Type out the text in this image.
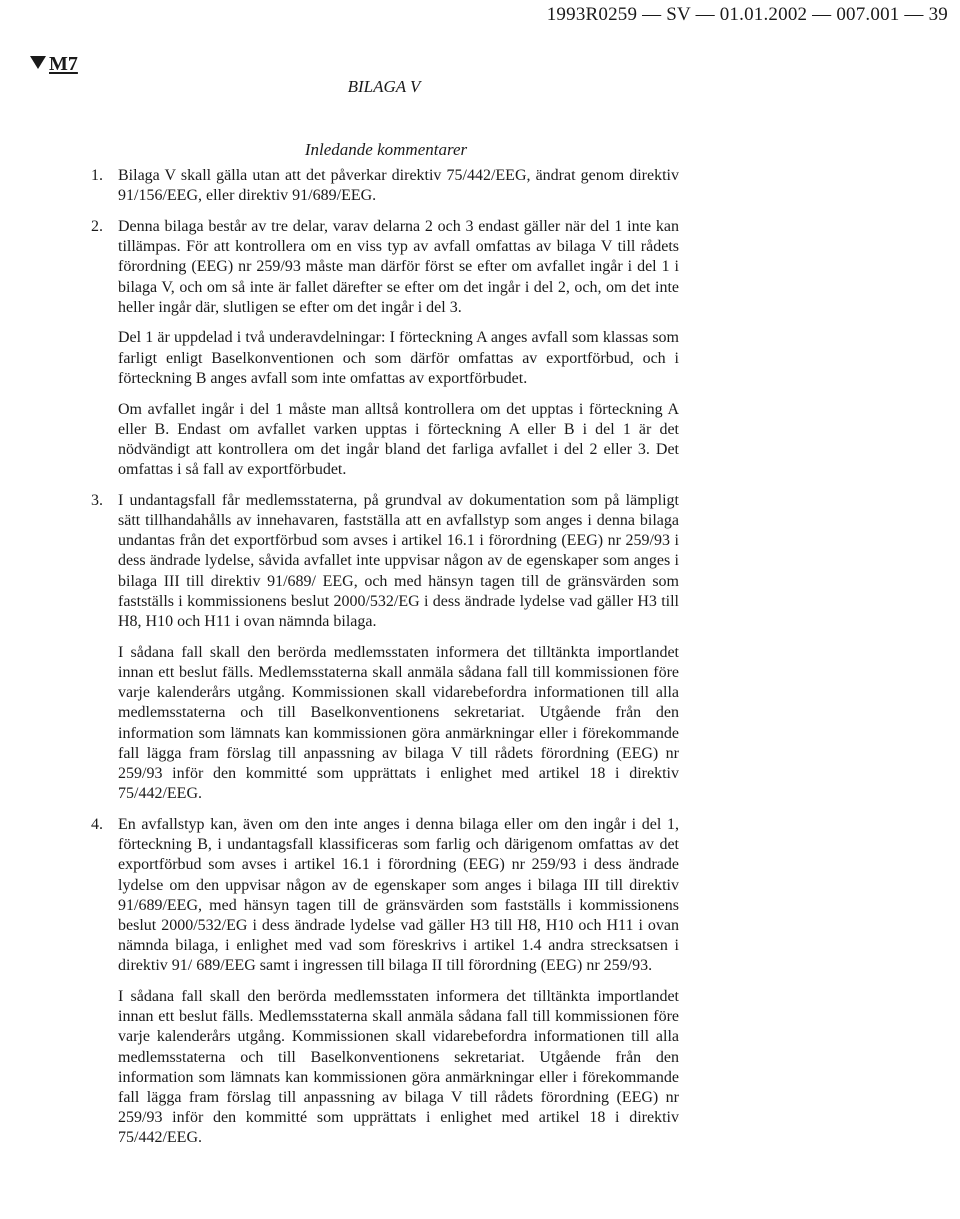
1993R0259 — SV — 01.01.2002 — 007.001 — 39
M7
BILAGA V
Inledande kommentarer
1. Bilaga V skall gälla utan att det påverkar direktiv 75/442/EEG, ändrat genom direktiv 91/156/EEG, eller direktiv 91/689/EEG.

2. Denna bilaga består av tre delar, varav delarna 2 och 3 endast gäller när del 1 inte kan tillämpas. För att kontrollera om en viss typ av avfall omfattas av bilaga V till rådets förordning (EEG) nr 259/93 måste man därför först se efter om avfallet ingår i del 1 i bilaga V, och om så inte är fallet därefter se efter om det ingår i del 2, och, om det inte heller ingår där, slutligen se efter om det ingår i del 3.

Del 1 är uppdelad i två underavdelningar: I förteckning A anges avfall som klassas som farligt enligt Baselkonventionen och som därför omfattas av exportförbud, och i förteckning B anges avfall som inte omfattas av exportförbudet.

Om avfallet ingår i del 1 måste man alltså kontrollera om det upptas i förteckning A eller B. Endast om avfallet varken upptas i förteckning A eller B i del 1 är det nödvändigt att kontrollera om det ingår bland det farliga avfallet i del 2 eller 3. Det omfattas i så fall av exportförbudet.

3. I undantagsfall får medlemsstaterna, på grundval av dokumentation som på lämpligt sätt tillhandahålls av innehavaren, fastställa att en avfallstyp som anges i denna bilaga undantas från det exportförbud som avses i artikel 16.1 i förordning (EEG) nr 259/93 i dess ändrade lydelse, såvida avfallet inte uppvisar någon av de egenskaper som anges i bilaga III till direktiv 91/689/ EEG, och med hänsyn tagen till de gränsvärden som fastställs i kommissionens beslut 2000/532/EG i dess ändrade lydelse vad gäller H3 till H8, H10 och H11 i ovan nämnda bilaga.

I sådana fall skall den berörda medlemsstaten informera det tilltänkta importlandet innan ett beslut fälls. Medlemsstaterna skall anmäla sådana fall till kommissionen före varje kalenderårs utgång. Kommissionen skall vidarebefordra informationen till alla medlemsstaterna och till Baselkonventionens sekretariat. Utgående från den information som lämnats kan kommissionen göra anmärkningar eller i förekommande fall lägga fram förslag till anpassning av bilaga V till rådets förordning (EEG) nr 259/93 inför den kommitté som upprättats i enlighet med artikel 18 i direktiv 75/442/EEG.

4. En avfallstyp kan, även om den inte anges i denna bilaga eller om den ingår i del 1, förteckning B, i undantagsfall klassificeras som farlig och därigenom omfattas av det exportförbud som avses i artikel 16.1 i förordning (EEG) nr 259/93 i dess ändrade lydelse om den uppvisar någon av de egenskaper som anges i bilaga III till direktiv 91/689/EEG, med hänsyn tagen till de gränsvärden som fastställs i kommissionens beslut 2000/532/EG i dess ändrade lydelse vad gäller H3 till H8, H10 och H11 i ovan nämnda bilaga, i enlighet med vad som föreskrivs i artikel 1.4 andra strecksatsen i direktiv 91/ 689/EEG samt i ingressen till bilaga II till förordning (EEG) nr 259/93.

I sådana fall skall den berörda medlemsstaten informera det tilltänkta importlandet innan ett beslut fälls. Medlemsstaterna skall anmäla sådana fall till kommissionen före varje kalenderårs utgång. Kommissionen skall vidarebefordra informationen till alla medlemsstaterna och till Baselkonventionens sekretariat. Utgående från den information som lämnats kan kommissionen göra anmärkningar eller i förekommande fall lägga fram förslag till anpassning av bilaga V till rådets förordning (EEG) nr 259/93 inför den kommitté som upprättats i enlighet med artikel 18 i direktiv 75/442/EEG.
